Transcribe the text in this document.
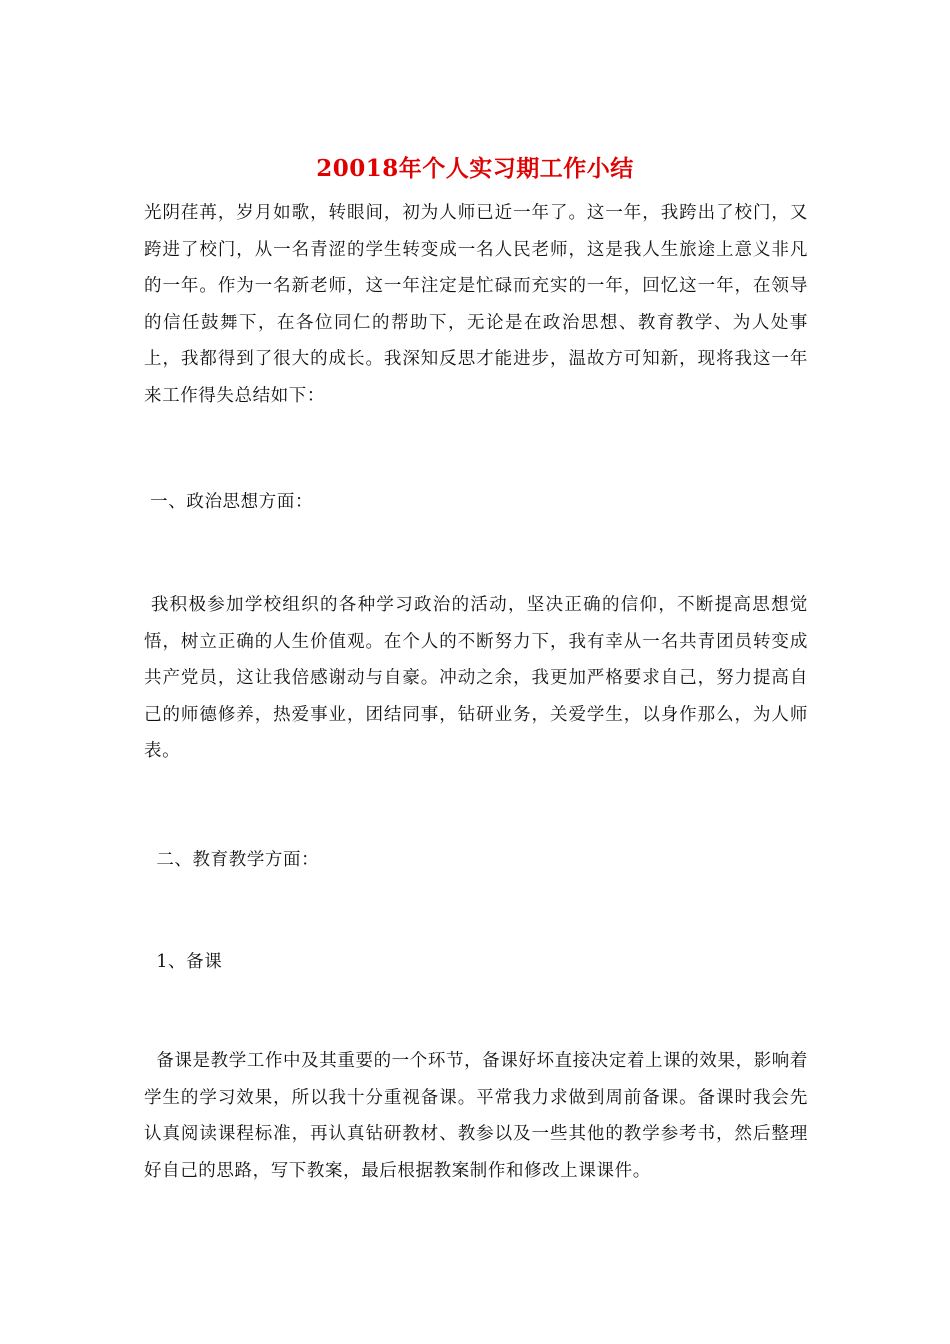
20018年个人实习期工作小结

光阴荏苒，岁月如歌，转眼间，初为人师已近一年了。这一年，我跨出了校门，又跨进了校门，从一名青涩的学生转变成一名人民老师，这是我人生旅途上意义非凡的一年。作为一名新老师，这一年注定是忙碌而充实的一年，回忆这一年，在领导的信任鼓舞下，在各位同仁的帮助下，无论是在政治思想、教育教学、为人处事上，我都得到了很大的成长。我深知反思才能进步，温故方可知新，现将我这一年来工作得失总结如下：

一、政治思想方面：

我积极参加学校组织的各种学习政治的活动，坚决正确的信仰，不断提高思想觉悟，树立正确的人生价值观。在个人的不断努力下，我有幸从一名共青团员转变成共产党员，这让我倍感谢动与自豪。冲动之余，我更加严格要求自己，努力提高自己的师德修养，热爱事业，团结同事，钻研业务，关爱学生，以身作那么，为人师表。

二、教育教学方面：

1、备课

备课是教学工作中及其重要的一个环节，备课好坏直接决定着上课的效果，影响着学生的学习效果，所以我十分重视备课。平常我力求做到周前备课。备课时我会先认真阅读课程标准，再认真钻研教材、教参以及一些其他的教学参考书，然后整理好自己的思路，写下教案，最后根据教案制作和修改上课课件。
